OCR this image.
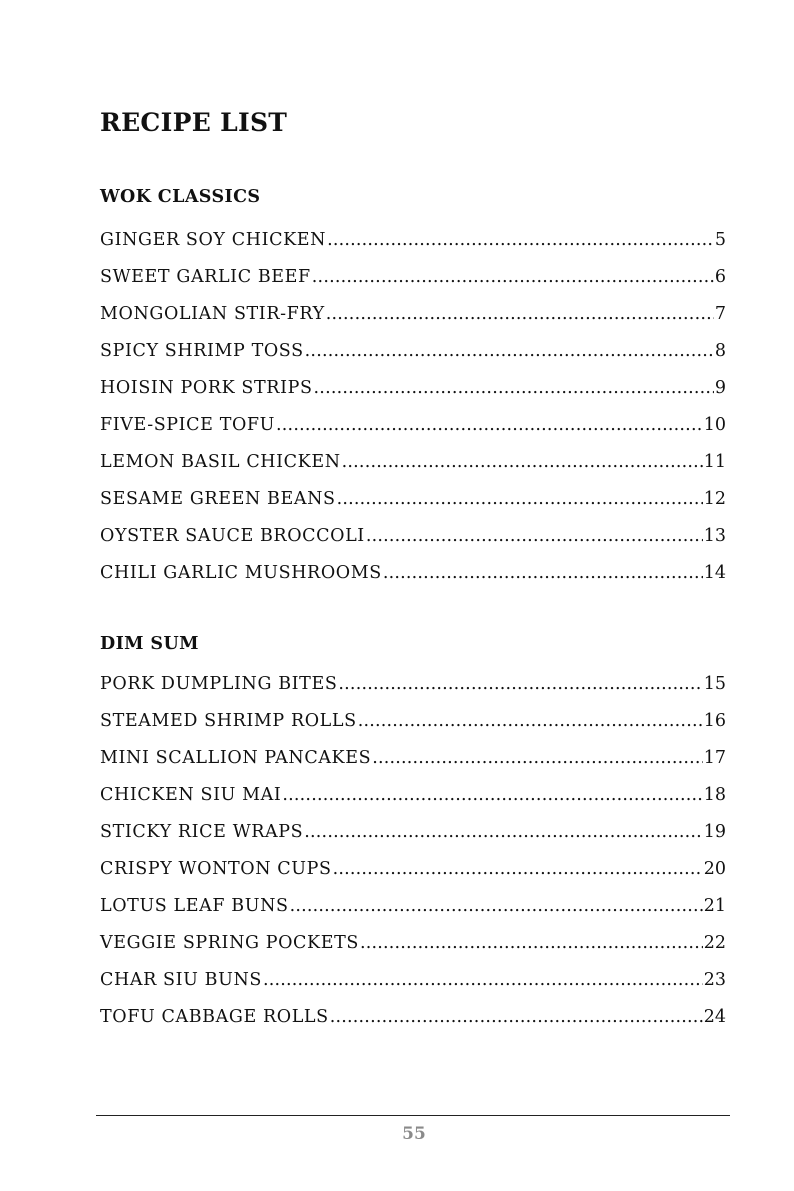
RECIPE LIST
WOK CLASSICS
GINGER SOY CHICKEN .....	5
SWEET GARLIC BEEF .....	6
MONGOLIAN STIR-FRY .....	7
SPICY SHRIMP TOSS .....	8
HOISIN PORK STRIPS .....	9
FIVE-SPICE TOFU .....	10
LEMON BASIL CHICKEN .....	11
SESAME GREEN BEANS .....	12
OYSTER SAUCE BROCCOLI .....	13
CHILI GARLIC MUSHROOMS .....	14
DIM SUM
PORK DUMPLING BITES .....	15
STEAMED SHRIMP ROLLS .....	16
MINI SCALLION PANCAKES .....	17
CHICKEN SIU MAI .....	18
STICKY RICE WRAPS .....	19
CRISPY WONTON CUPS .....	20
LOTUS LEAF BUNS .....	21
VEGGIE SPRING POCKETS .....	22
CHAR SIU BUNS .....	23
TOFU CABBAGE ROLLS .....	24
55
